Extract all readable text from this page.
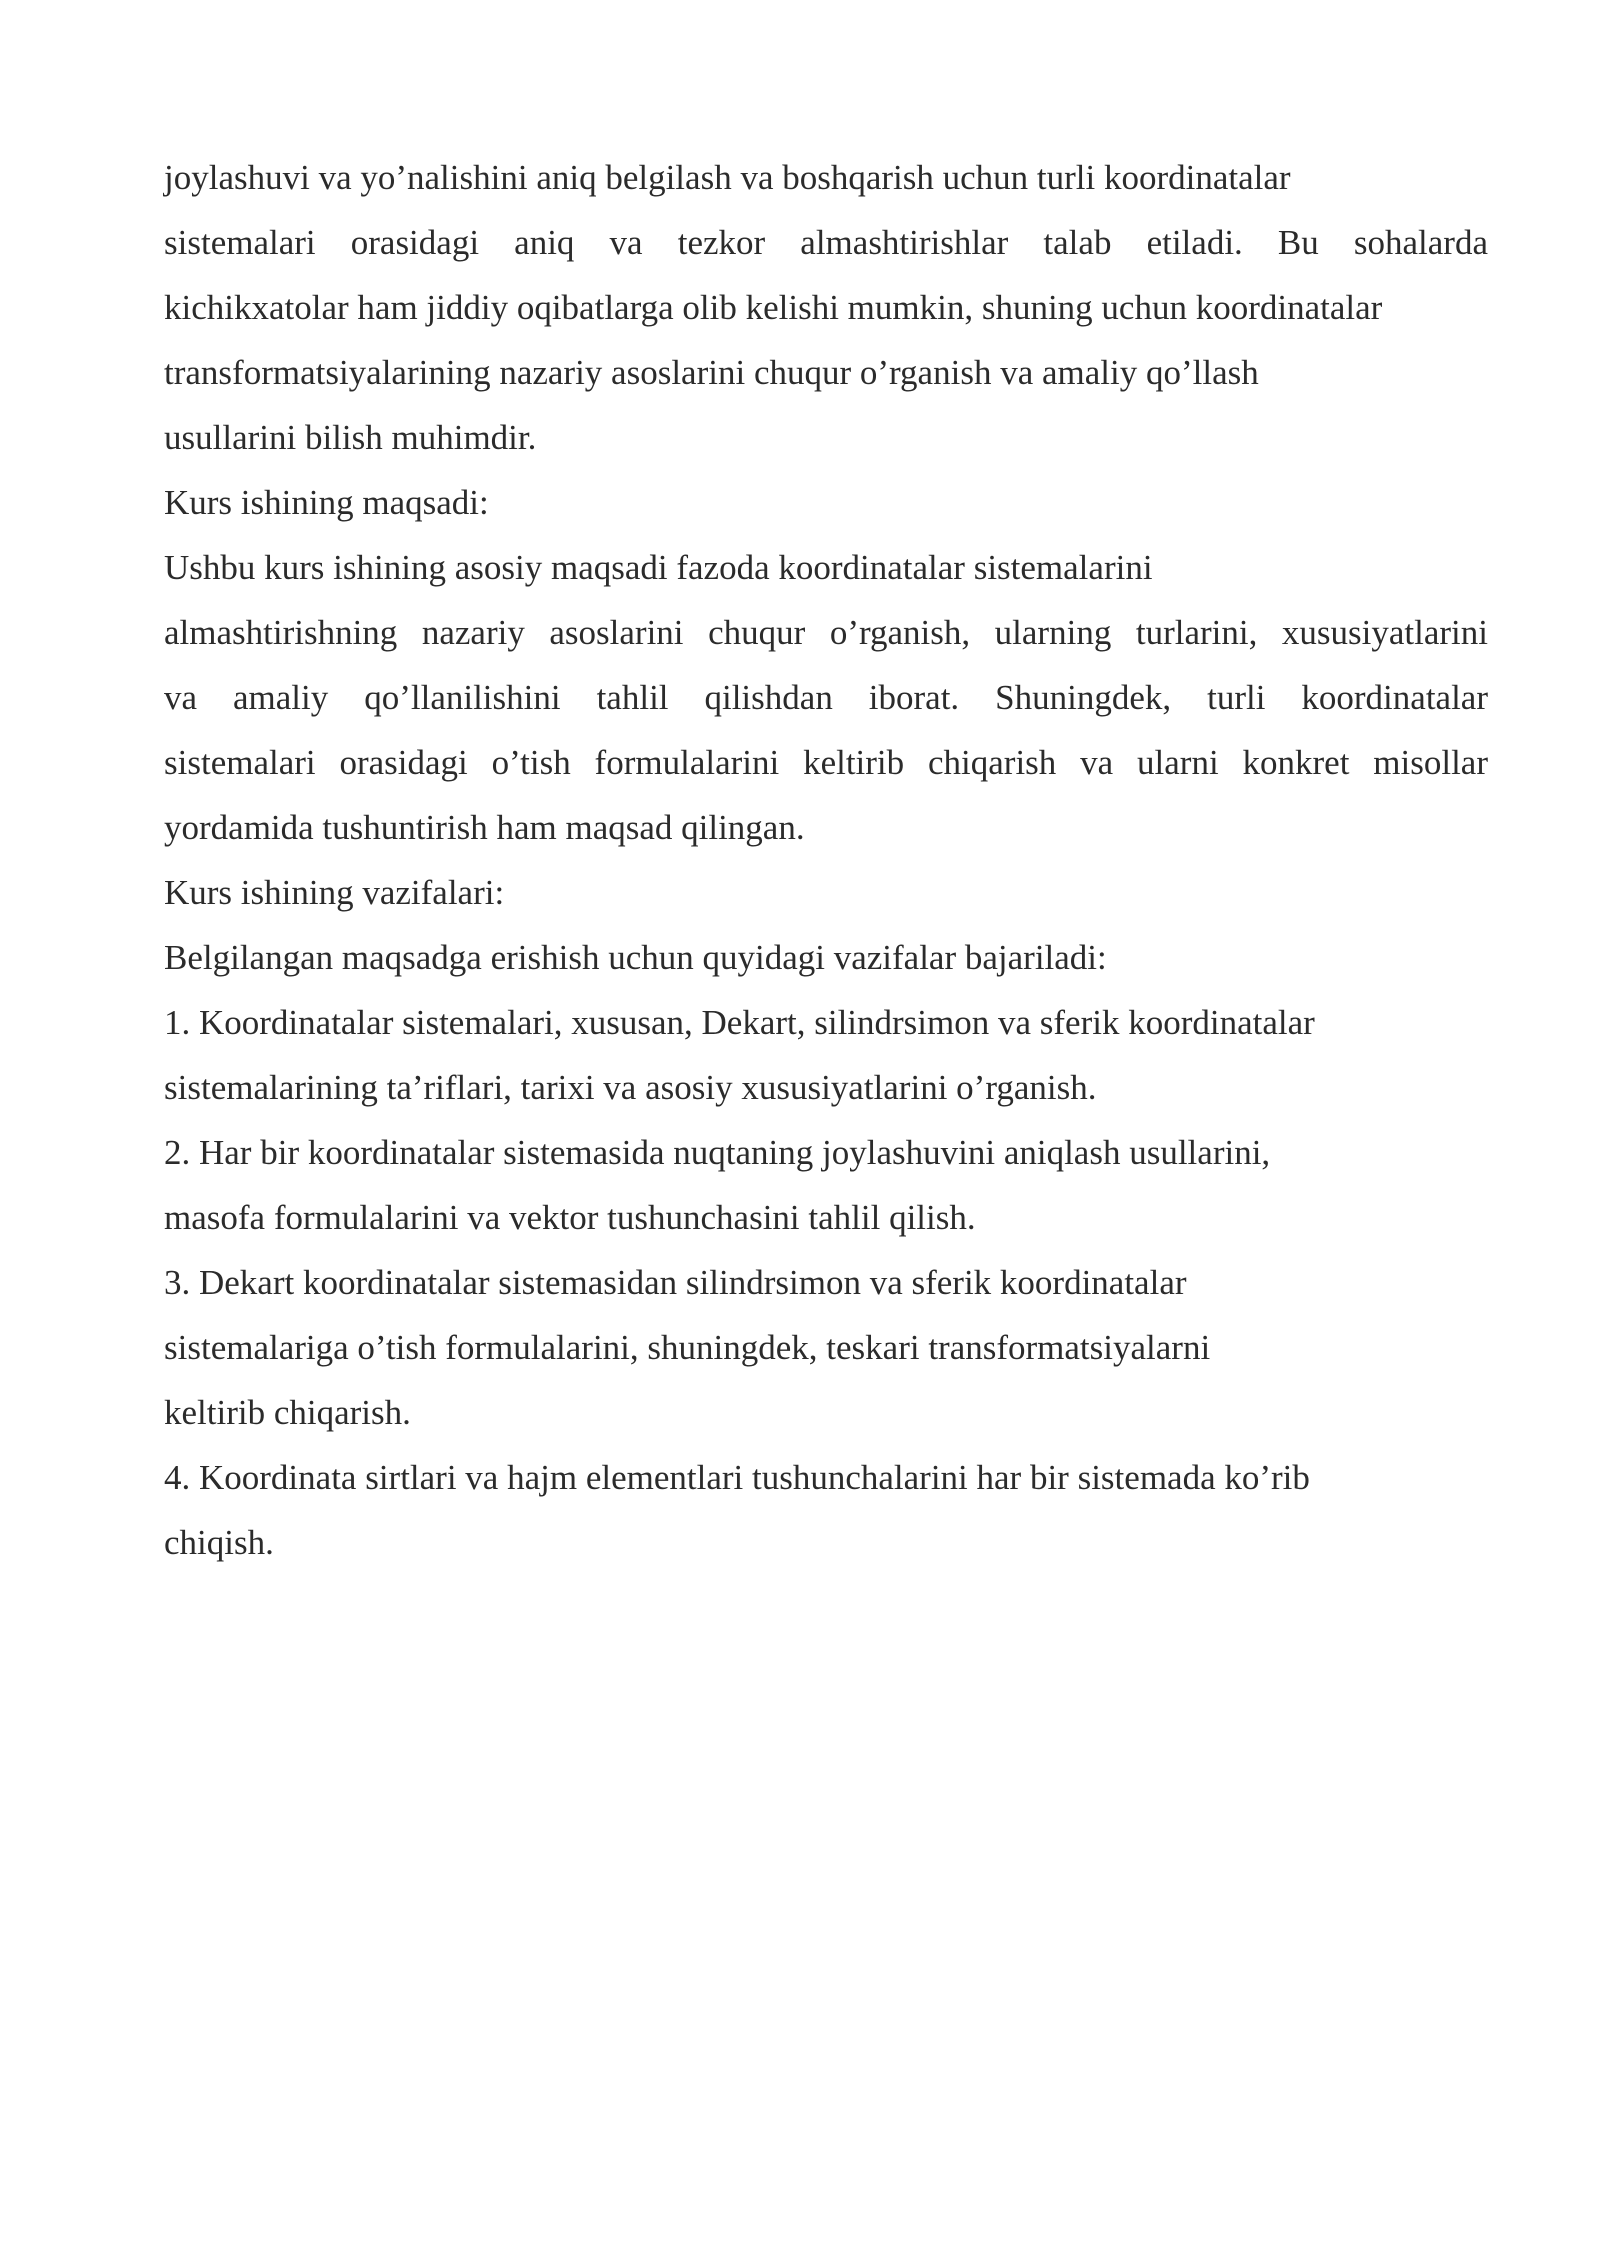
joylashuvi va yo’nalishini aniq belgilash va boshqarish uchun turli koordinatalar
sistemalari orasidagi aniq va tezkor almashtirishlar talab etiladi. Bu sohalarda
kichikxatolar ham jiddiy oqibatlarga olib kelishi mumkin, shuning uchun koordinatalar
transformatsiyalarining nazariy asoslarini chuqur o’rganish va amaliy qo’llash
usullarini bilish muhimdir.
Kurs ishining maqsadi:
Ushbu kurs ishining asosiy maqsadi fazoda koordinatalar sistemalarini
almashtirishning nazariy asoslarini chuqur o’rganish, ularning turlarini, xususiyatlarini
va amaliy qo’llanilishini tahlil qilishdan iborat. Shuningdek, turli koordinatalar
sistemalari orasidagi o’tish formulalarini keltirib chiqarish va ularni konkret misollar
yordamida tushuntirish ham maqsad qilingan.
Kurs ishining vazifalari:
Belgilangan maqsadga erishish uchun quyidagi vazifalar bajariladi:
1. Koordinatalar sistemalari, xususan, Dekart, silindrsimon va sferik koordinatalar
sistemalarining ta’riflari, tarixi va asosiy xususiyatlarini o’rganish.
2. Har bir koordinatalar sistemasida nuqtaning joylashuvini aniqlash usullarini,
masofa formulalarini va vektor tushunchasini tahlil qilish.
3. Dekart koordinatalar sistemasidan silindrsimon va sferik koordinatalar
sistemalariga o’tish formulalarini, shuningdek, teskari transformatsiyalarni
keltirib chiqarish.
4. Koordinata sirtlari va hajm elementlari tushunchalarini har bir sistemada ko’rib
chiqish.
